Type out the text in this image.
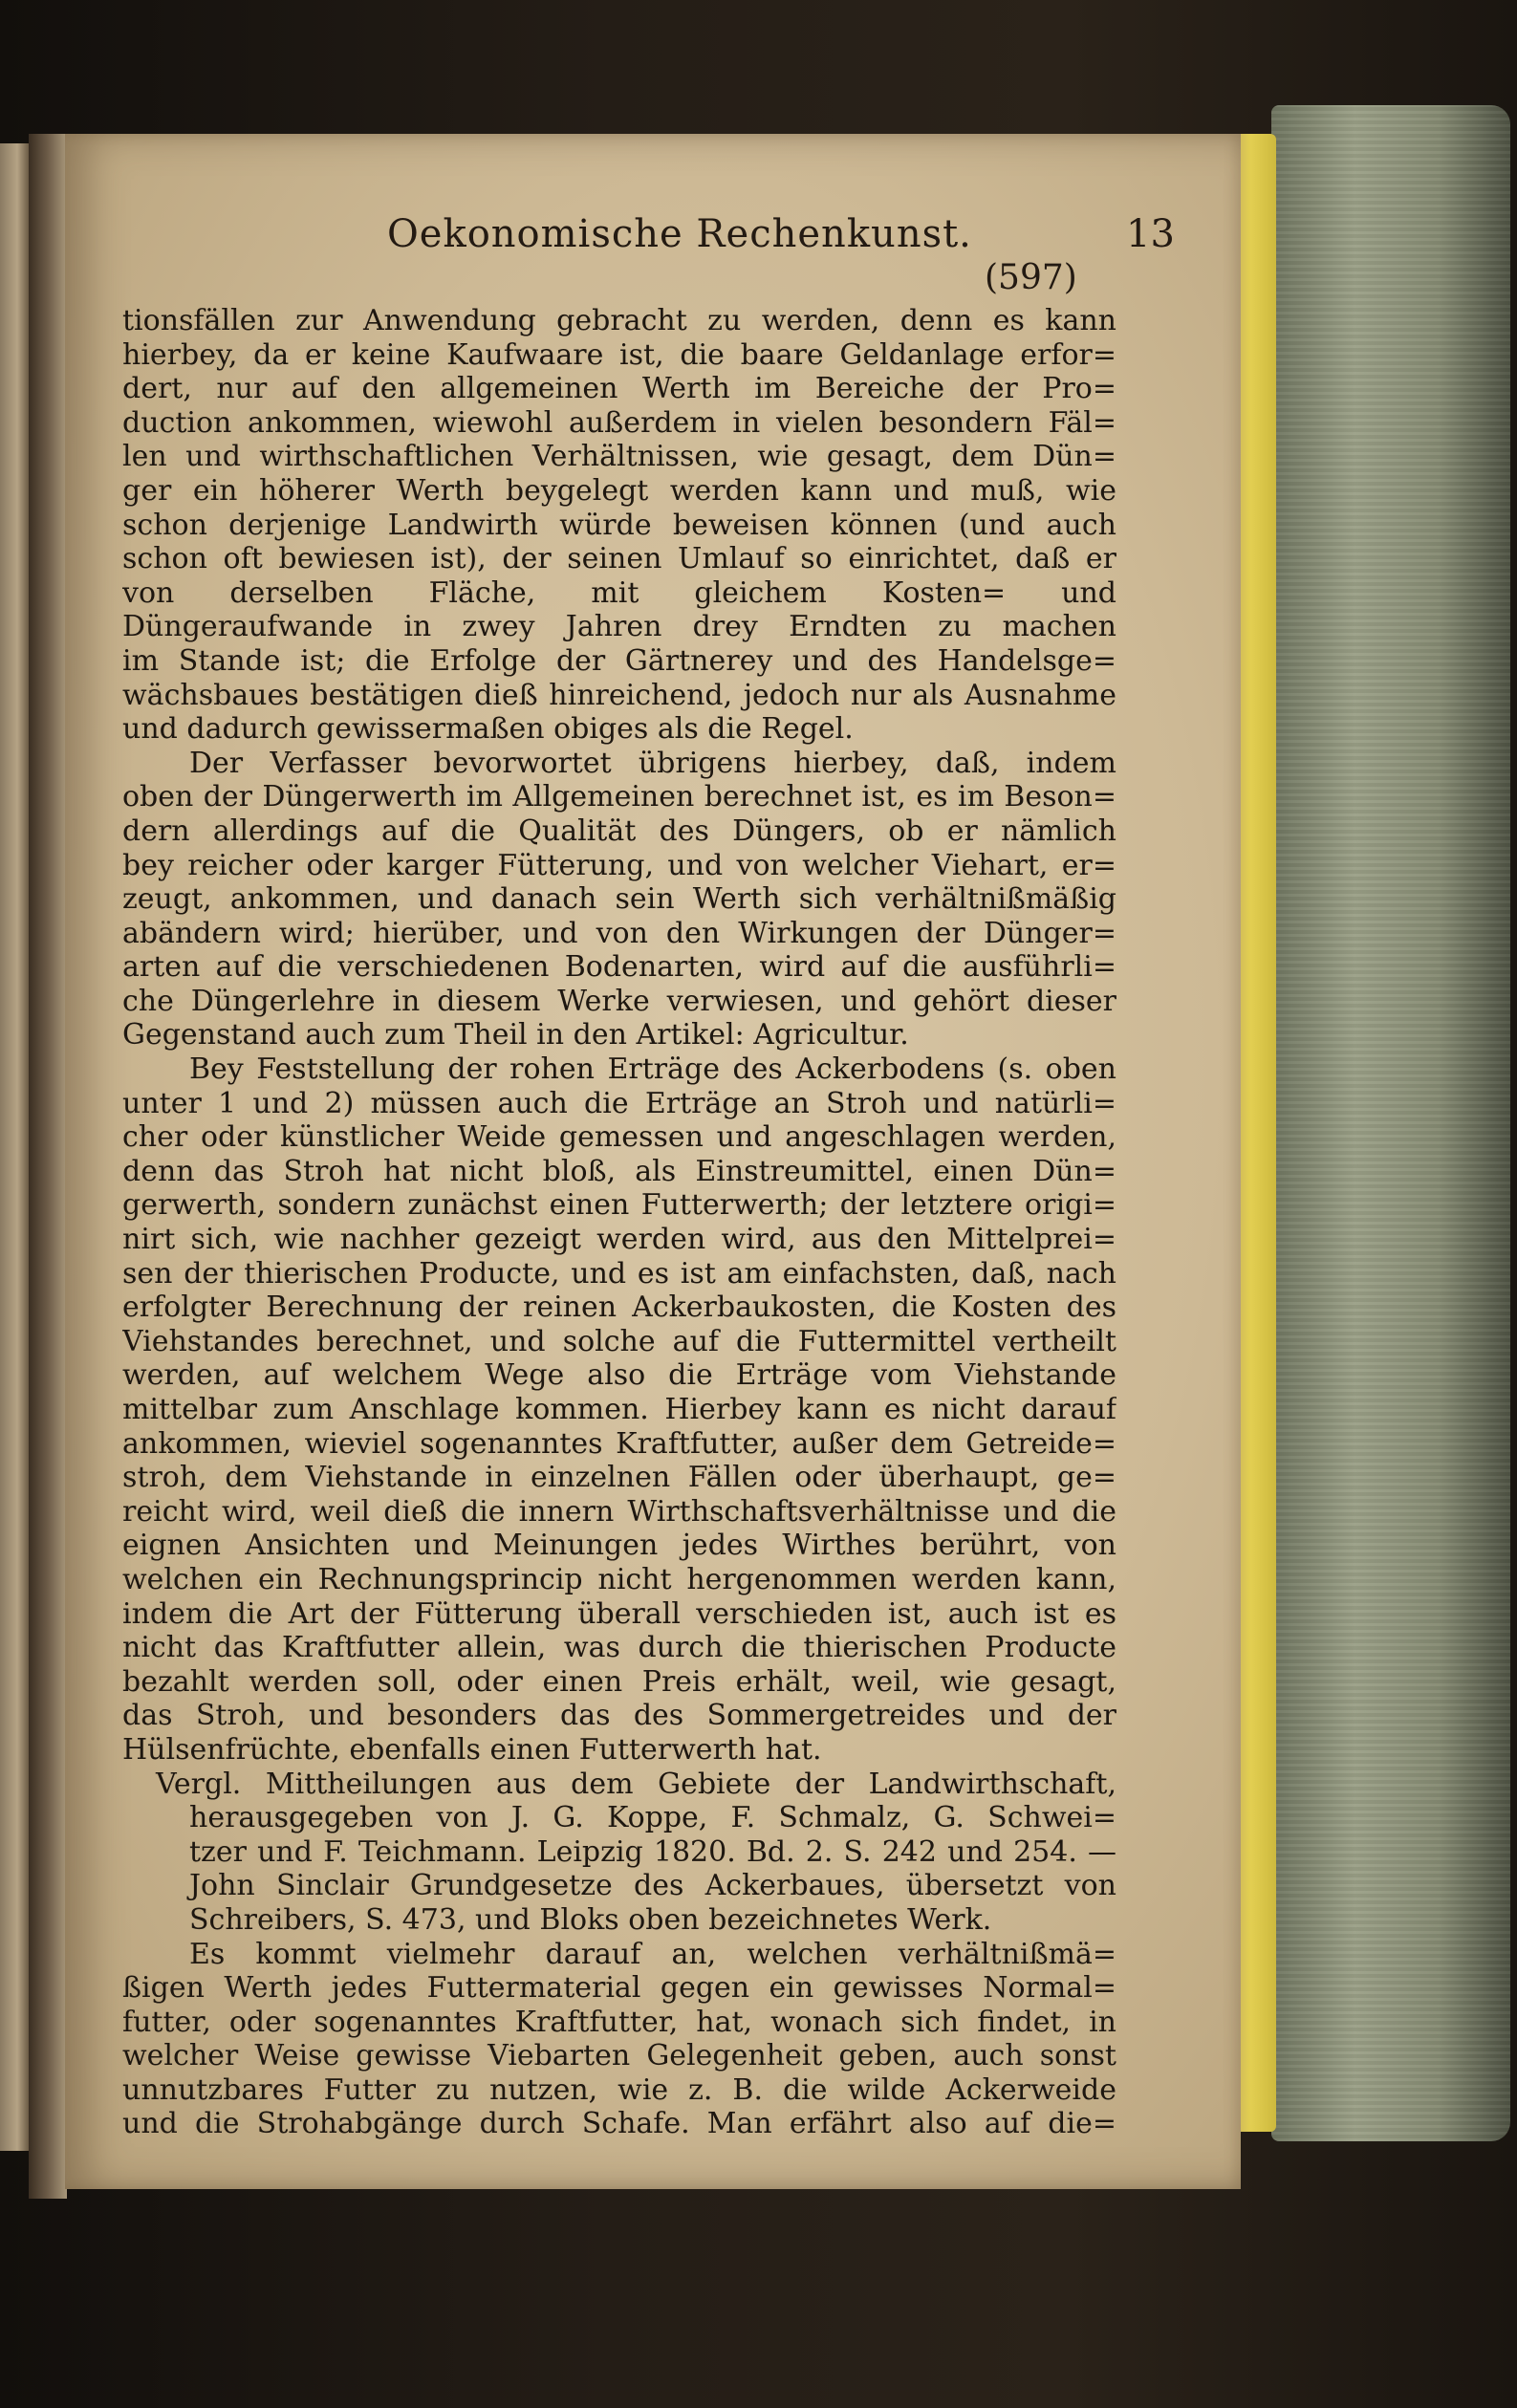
Oekonomische Rechenkunst.	13
(597)
tionsfällen zur Anwendung gebracht zu werden, denn es kann
hierbey, da er keine Kaufwaare ist, die baare Geldanlage erfor=
dert, nur auf den allgemeinen Werth im Bereiche der Pro=
duction ankommen, wiewohl außerdem in vielen besondern Fäl=
len und wirthschaftlichen Verhältnissen, wie gesagt, dem Dün=
ger ein höherer Werth beygelegt werden kann und muß, wie
schon derjenige Landwirth würde beweisen können (und auch
schon oft bewiesen ist), der seinen Umlauf so einrichtet, daß er
von derselben Fläche, mit gleichem Kosten= und
Düngeraufwande in zwey Jahren drey Erndten zu machen
im Stande ist; die Erfolge der Gärtnerey und des Handelsge=
wächsbaues bestätigen dieß hinreichend, jedoch nur als Ausnahme
und dadurch gewissermaßen obiges als die Regel.
Der Verfasser bevorwortet übrigens hierbey, daß, indem
oben der Düngerwerth im Allgemeinen berechnet ist, es im Beson=
dern allerdings auf die Qualität des Düngers, ob er nämlich
bey reicher oder karger Fütterung, und von welcher Viehart, er=
zeugt, ankommen, und danach sein Werth sich verhältnißmäßig
abändern wird; hierüber, und von den Wirkungen der Dünger=
arten auf die verschiedenen Bodenarten, wird auf die ausführli=
che Düngerlehre in diesem Werke verwiesen, und gehört dieser
Gegenstand auch zum Theil in den Artikel: Agricultur.
Bey Feststellung der rohen Erträge des Ackerbodens (s. oben
unter 1 und 2) müssen auch die Erträge an Stroh und natürli=
cher oder künstlicher Weide gemessen und angeschlagen werden,
denn das Stroh hat nicht bloß, als Einstreumittel, einen Dün=
gerwerth, sondern zunächst einen Futterwerth; der letztere origi=
nirt sich, wie nachher gezeigt werden wird, aus den Mittelprei=
sen der thierischen Producte, und es ist am einfachsten, daß, nach
erfolgter Berechnung der reinen Ackerbaukosten, die Kosten des
Viehstandes berechnet, und solche auf die Futtermittel vertheilt
werden, auf welchem Wege also die Erträge vom Viehstande
mittelbar zum Anschlage kommen. Hierbey kann es nicht darauf
ankommen, wieviel sogenanntes Kraftfutter, außer dem Getreide=
stroh, dem Viehstande in einzelnen Fällen oder überhaupt, ge=
reicht wird, weil dieß die innern Wirthschaftsverhältnisse und die
eignen Ansichten und Meinungen jedes Wirthes berührt, von
welchen ein Rechnungsprincip nicht hergenommen werden kann,
indem die Art der Fütterung überall verschieden ist, auch ist es
nicht das Kraftfutter allein, was durch die thierischen Producte
bezahlt werden soll, oder einen Preis erhält, weil, wie gesagt,
das Stroh, und besonders das des Sommergetreides und der
Hülsenfrüchte, ebenfalls einen Futterwerth hat.
Vergl. Mittheilungen aus dem Gebiete der Landwirthschaft,
herausgegeben von J. G. Koppe, F. Schmalz, G. Schwei=
tzer und F. Teichmann. Leipzig 1820. Bd. 2. S. 242 und 254. —
John Sinclair Grundgesetze des Ackerbaues, übersetzt von
Schreibers, S. 473, und Bloks oben bezeichnetes Werk.
Es kommt vielmehr darauf an, welchen verhältnißmä=
ßigen Werth jedes Futtermaterial gegen ein gewisses Normal=
futter, oder sogenanntes Kraftfutter, hat, wonach sich findet, in
welcher Weise gewisse Viebarten Gelegenheit geben, auch sonst
unnutzbares Futter zu nutzen, wie z. B. die wilde Ackerweide
und die Strohabgänge durch Schafe. Man erfährt also auf die=
